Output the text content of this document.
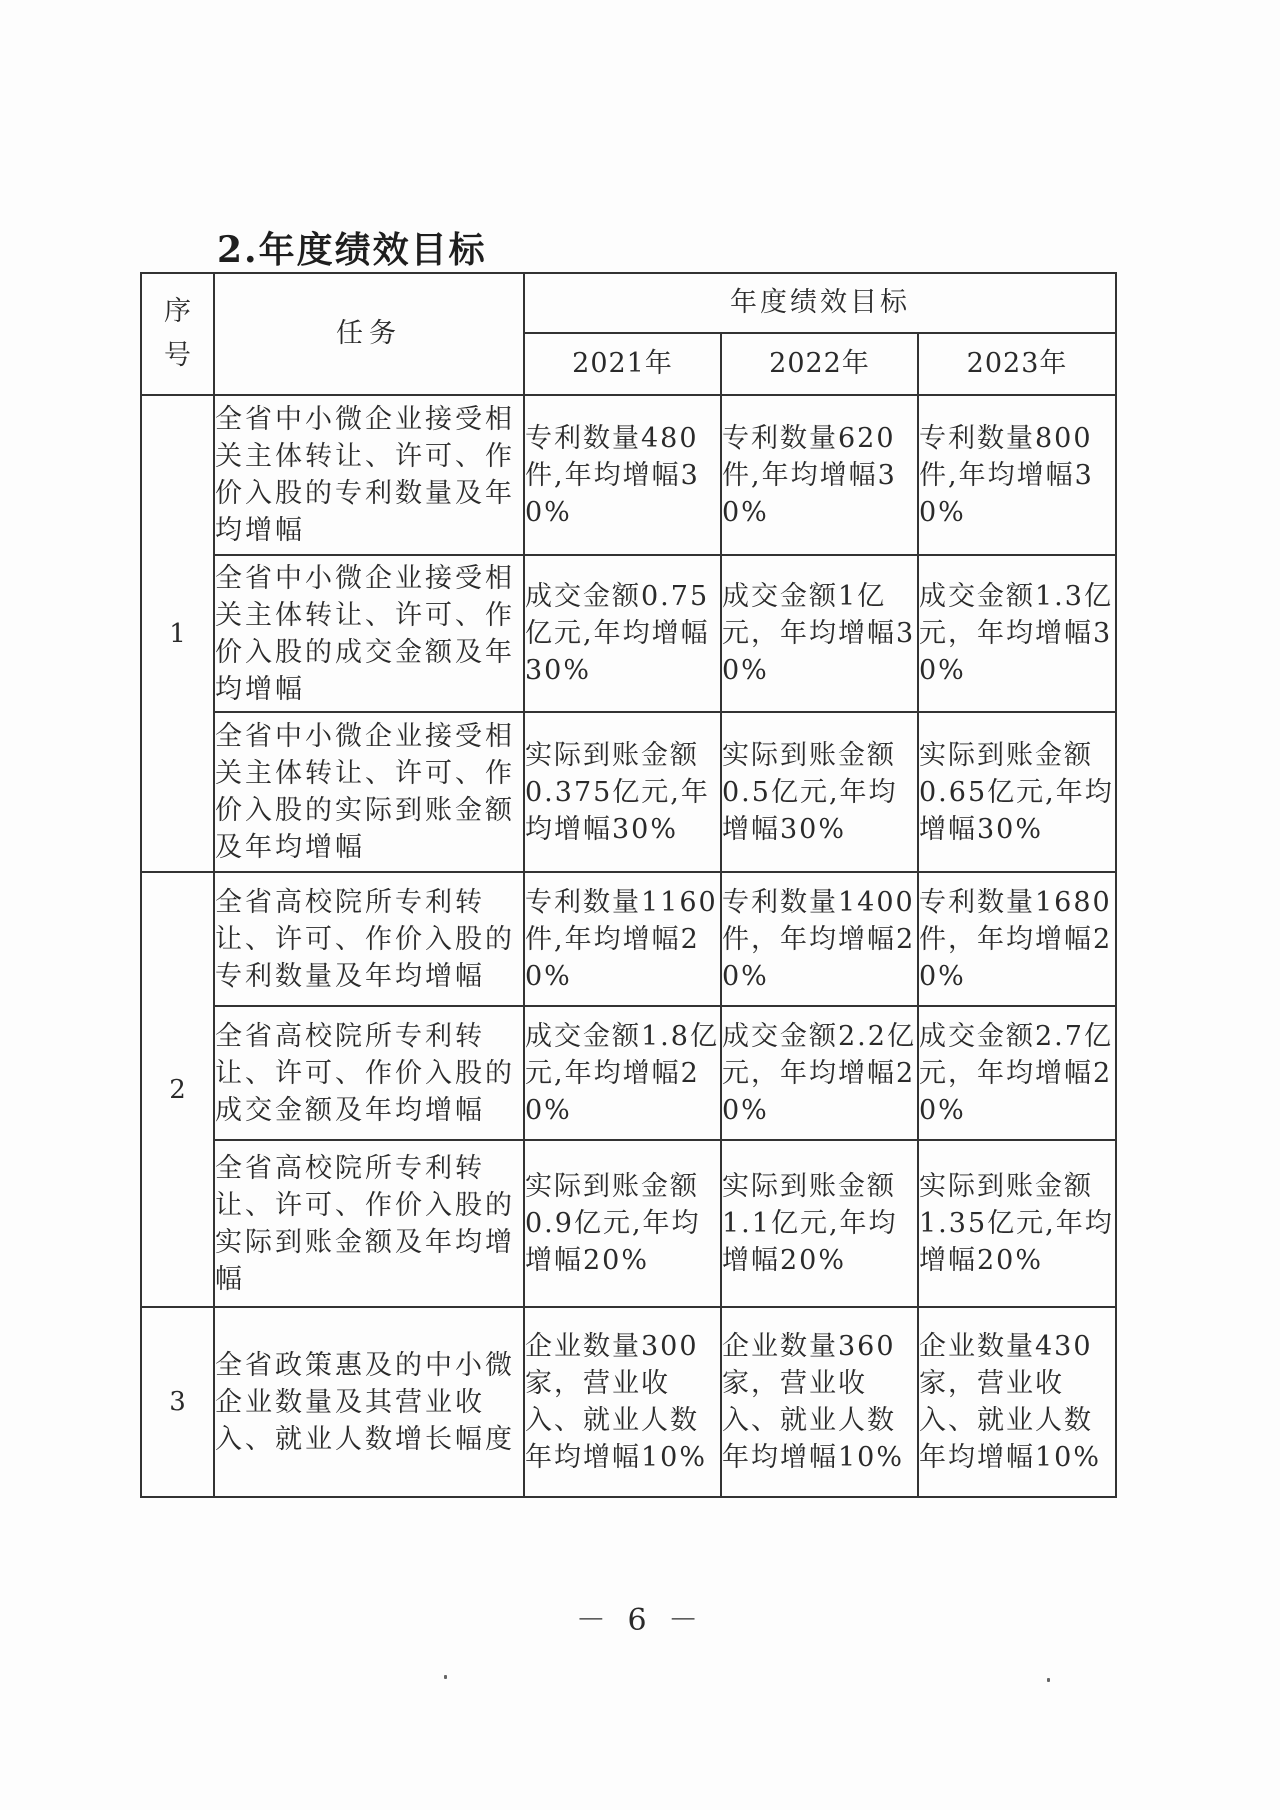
2.年度绩效目标
序
号	任务	年度绩效目标		
		2021年	2022年	2023年
1	全省中小微企业接受相关主体转让、许可、作价入股的专利数量及年均增幅	专利数量480件,年均增幅30%	专利数量620件,年均增幅30%	专利数量800件,年均增幅30%
	全省中小微企业接受相关主体转让、许可、作价入股的成交金额及年均增幅	成交金额0.75亿元,年均增幅30%	成交金额1亿元，年均增幅30%	成交金额1.3亿元，年均增幅30%
	全省中小微企业接受相关主体转让、许可、作价入股的实际到账金额及年均增幅	实际到账金额0.375亿元,年均增幅30%	实际到账金额0.5亿元,年均增幅30%	实际到账金额0.65亿元,年均增幅30%
2	全省高校院所专利转让、许可、作价入股的专利数量及年均增幅	专利数量1160件,年均增幅20%	专利数量1400件，年均增幅20%	专利数量1680件，年均增幅20%
	全省高校院所专利转让、许可、作价入股的成交金额及年均增幅	成交金额1.8亿元,年均增幅20%	成交金额2.2亿元，年均增幅20%	成交金额2.7亿元，年均增幅20%
	全省高校院所专利转让、许可、作价入股的实际到账金额及年均增幅	实际到账金额0.9亿元,年均增幅20%	实际到账金额1.1亿元,年均增幅20%	实际到账金额1.35亿元,年均增幅20%
3	全省政策惠及的中小微企业数量及其营业收入、就业人数增长幅度	企业数量300家，营业收入、就业人数年均增幅10%	企业数量360家，营业收入、就业人数年均增幅10%	企业数量430家，营业收入、就业人数年均增幅10%
－ 6 －
